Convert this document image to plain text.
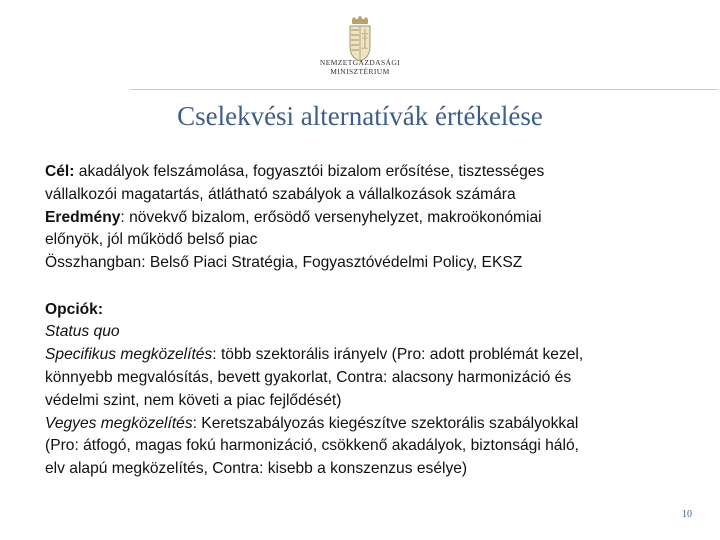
NEMZETGAZDASÁGI
MINISZTÉRIUM
Cselekvési alternatívák értékelése
Cél: akadályok felszámolása, fogyasztói bizalom erősítése, tisztességes
vállalkozói magatartás, átlátható szabályok a vállalkozások számára
Eredmény: növekvő bizalom, erősödő versenyhelyzet, makroökonómiai
előnyök, jól működő belső piac
Összhangban: Belső Piaci Stratégia, Fogyasztóvédelmi Policy, EKSZ
Opciók:
Status quo
Specifikus megközelítés: több szektorális irányelv (Pro: adott problémát kezel,
könnyebb megvalósítás, bevett gyakorlat, Contra: alacsony harmonizáció és
védelmi szint, nem követi a piac fejlődését)
Vegyes megközelítés: Keretszabályozás kiegészítve szektorális szabályokkal
(Pro: átfogó, magas fokú harmonizáció, csökkenő akadályok, biztonsági háló,
elv alapú megközelítés, Contra: kisebb a konszenzus esélye)
10
